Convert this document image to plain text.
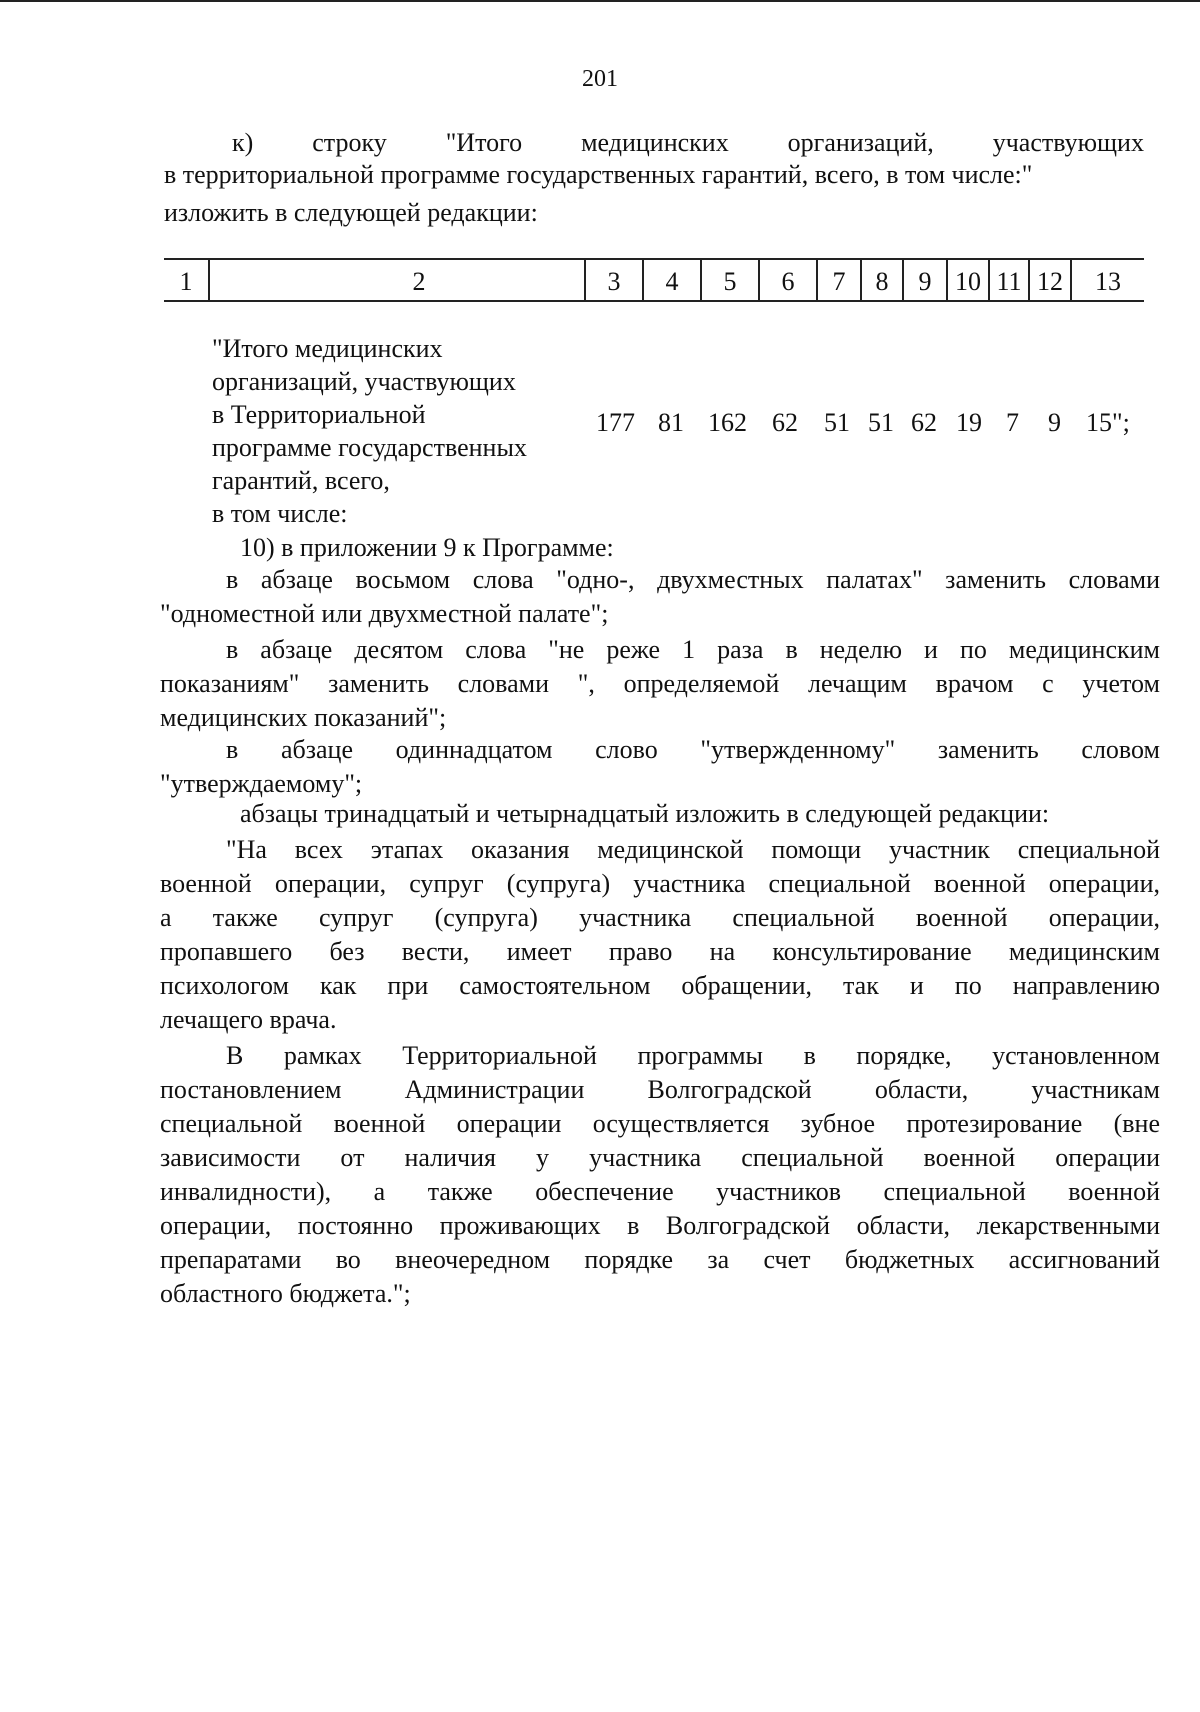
201
к) строку "Итого медицинских организаций, участвующих
в территориальной программе государственных гарантий, всего, в том числе:"
изложить в следующей редакции:
1	2	3	4	5	6	7	8	9 10 11 12	13
"Итого медицинских
организаций, участвующих
в Территориальной
программе государственных
гарантий, всего,
в том числе:
177 81 162 62 51 51 62 19 7 9 15";
10) в приложении 9 к Программе:
в абзаце восьмом слова "одно-, двухместных палатах" заменить словами
"одноместной или двухместной палате";
в абзаце десятом слова "не реже 1 раза в неделю и по медицинским
показаниям" заменить словами ", определяемой лечащим врачом с учетом
медицинских показаний";
в абзаце одиннадцатом слово "утвержденному" заменить словом
"утверждаемому";
абзацы тринадцатый и четырнадцатый изложить в следующей редакции:
"На всех этапах оказания медицинской помощи участник специальной
военной операции, супруг (супруга) участника специальной военной операции,
а также супруг (супруга) участника специальной военной операции,
пропавшего без вести, имеет право на консультирование медицинским
психологом как при самостоятельном обращении, так и по направлению
лечащего врача.
В рамках Территориальной программы в порядке, установленном
постановлением Администрации Волгоградской области, участникам
специальной военной операции осуществляется зубное протезирование (вне
зависимости от наличия у участника специальной военной операции
инвалидности), а также обеспечение участников специальной военной
операции, постоянно проживающих в Волгоградской области, лекарственными
препаратами во внеочередном порядке за счет бюджетных ассигнований
областного бюджета.";
